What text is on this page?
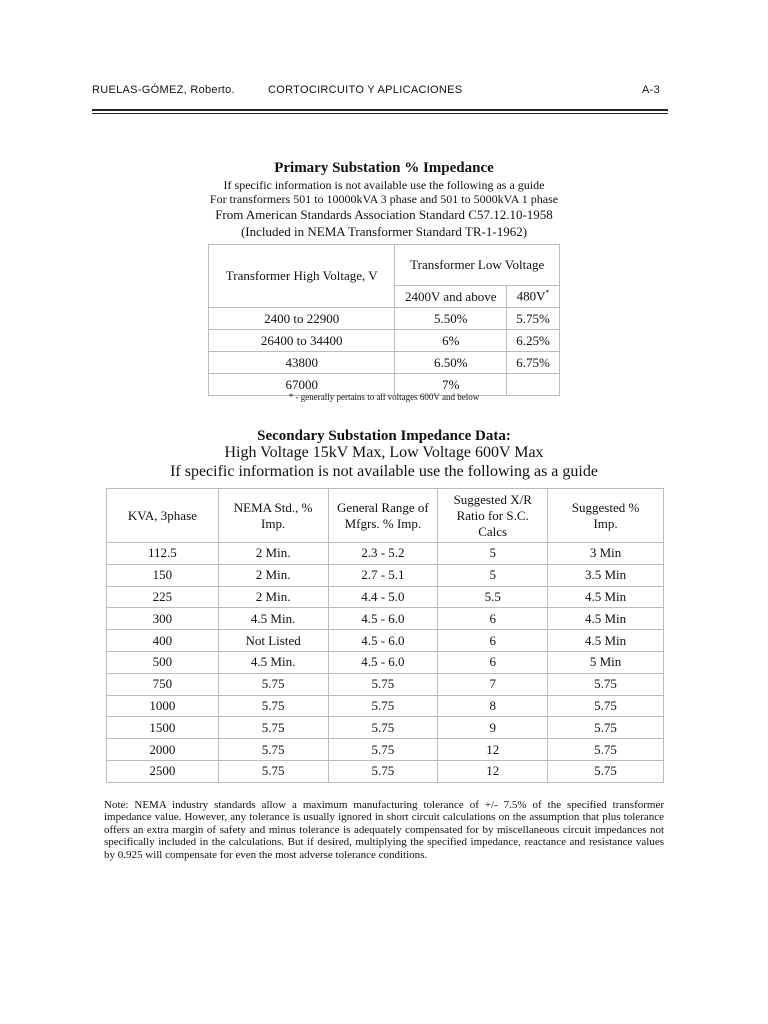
RUELAS-GÓMEZ, Roberto.	CORTOCIRCUITO Y APLICACIONES	A-3
Primary Substation % Impedance
If specific information is not available use the following as a guide
For transformers 501 to 10000kVA 3 phase and 501 to 5000kVA 1 phase
From American Standards Association Standard C57.12.10-1958
(Included in NEMA Transformer Standard TR-1-1962)
Transformer High Voltage, V	Transformer Low Voltage	
	2400V and above	480V*
2400 to 22900	5.50%	5.75%
26400 to 34400	6%	6.25%
43800	6.50%	6.75%
67000	7%	
* - generally pertains to all voltages 600V and below
Secondary Substation Impedance Data:
High Voltage 15kV Max, Low Voltage 600V Max
If specific information is not available use the following as a guide
KVA, 3phase	NEMA Std., % Imp.	General Range of Mfgrs. % Imp.	Suggested X/R Ratio for S.C. Calcs	Suggested % Imp.
112.5	2 Min.	2.3 - 5.2	5	3 Min
150	2 Min.	2.7 - 5.1	5	3.5 Min
225	2 Min.	4.4 - 5.0	5.5	4.5 Min
300	4.5 Min.	4.5 - 6.0	6	4.5 Min
400	Not Listed	4.5 - 6.0	6	4.5 Min
500	4.5 Min.	4.5 - 6.0	6	5 Min
750	5.75	5.75	7	5.75
1000	5.75	5.75	8	5.75
1500	5.75	5.75	9	5.75
2000	5.75	5.75	12	5.75
2500	5.75	5.75	12	5.75
Note: NEMA industry standards allow a maximum manufacturing tolerance of +/- 7.5% of the specified transformer impedance value. However, any tolerance is usually ignored in short circuit calculations on the assumption that plus tolerance offers an extra margin of safety and minus tolerance is adequately compensated for by miscellaneous circuit impedances not specifically included in the calculations. But if desired, multiplying the specified impedance, reactance and resistance values by 0.925 will compensate for even the most adverse tolerance conditions.
